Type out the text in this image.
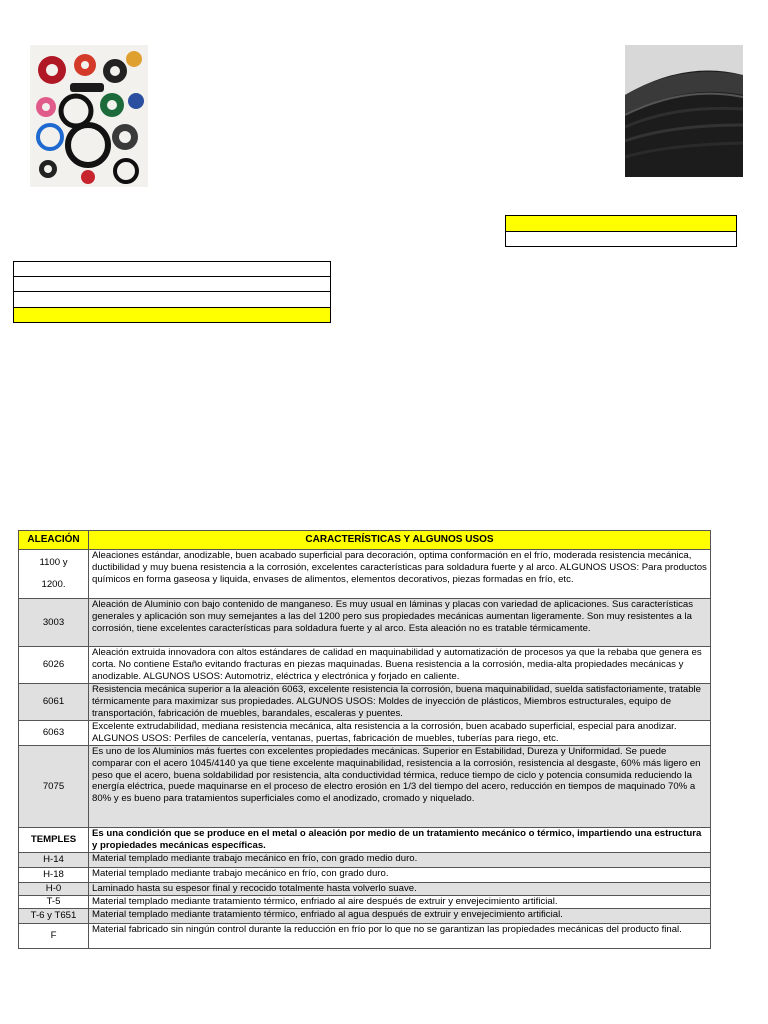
ALEACIÓN	CARACTERÍSTICAS Y ALGUNOS USOS
1100 y
1200.	Aleaciones estándar, anodizable, buen acabado superficial para decoración, optima conformación en el frío, moderada resistencia mecánica, ductibilidad y muy buena resistencia a la corrosión, excelentes características para soldadura fuerte y al arco. ALGUNOS USOS: Para productos químicos en forma gaseosa y liquida, envases de alimentos, elementos decorativos, piezas formadas en frío, etc.

3003	Aleación de Aluminio con bajo contenido de manganeso. Es muy usual en láminas y placas con variedad de aplicaciones. Sus características generales y aplicación son muy semejantes a las del 1200 pero sus propiedades mecánicas aumentan ligeramente. Son muy resistentes a la corrosión, tiene excelentes características para soldadura fuerte y al arco. Esta aleación no es tratable térmicamente.

6026	Aleación extruida innovadora con altos estándares de calidad en maquinabilidad y automatización de procesos ya que la rebaba que genera es corta. No contiene Estaño evitando fracturas en piezas maquinadas. Buena resistencia a la corrosión, media-alta propiedades mecánicas y anodizable. ALGUNOS USOS: Automotriz, eléctrica y electrónica y forjado en caliente.

6061	Resistencia mecánica superior a la aleación 6063, excelente resistencia la corrosión, buena maquinabilidad, suelda satisfactoriamente, tratable térmicamente para maximizar sus propiedades. ALGUNOS USOS: Moldes de inyección de plásticos, Miembros estructurales, equipo de transportación, fabricación de muebles, barandales, escaleras y puentes.

6063	Excelente extrudabilidad, mediana resistencia mecánica, alta resistencia a la corrosión, buen acabado superficial, especial para anodizar. ALGUNOS USOS: Perfiles de cancelería, ventanas, puertas, fabricación de muebles, tuberías para riego, etc.

7075	Es uno de los Aluminios más fuertes con excelentes propiedades mecánicas. Superior en Estabilidad, Dureza y Uniformidad. Se puede comparar con el acero 1045/4140 ya que tiene excelente maquinabilidad, resistencia a la corrosión, resistencia al desgaste, 60% más ligero en peso que el acero, buena soldabilidad por resistencia, alta conductividad térmica, reduce tiempo de ciclo y potencia consumida reduciendo la energía eléctrica, puede maquinarse en el proceso de electro erosión en 1/3 del tiempo del acero, reducción en tiempos de maquinado 70% a 80% y es bueno para tratamientos superficiales como el anodizado, cromado y niquelado.

TEMPLES	Es una condición que se produce en el metal o aleación por medio de un tratamiento mecánico o térmico, impartiendo una estructura y propiedades mecánicas específicas.

H-14	Material templado mediante trabajo mecánico en frío, con grado medio duro.

H-18	Material templado mediante trabajo mecánico en frío, con grado duro.

H-0	Laminado hasta su espesor final y recocido totalmente hasta volverlo suave.

T-5	Material templado mediante tratamiento térmico, enfriado al aire después de extruir y envejecimiento artificial.

T-6 y T651	Material templado mediante tratamiento térmico, enfriado al agua después de extruir y envejecimiento artificial.

F	Material fabricado sin ningún control durante la reducción en frío por lo que no se garantizan las propiedades mecánicas del producto final.
